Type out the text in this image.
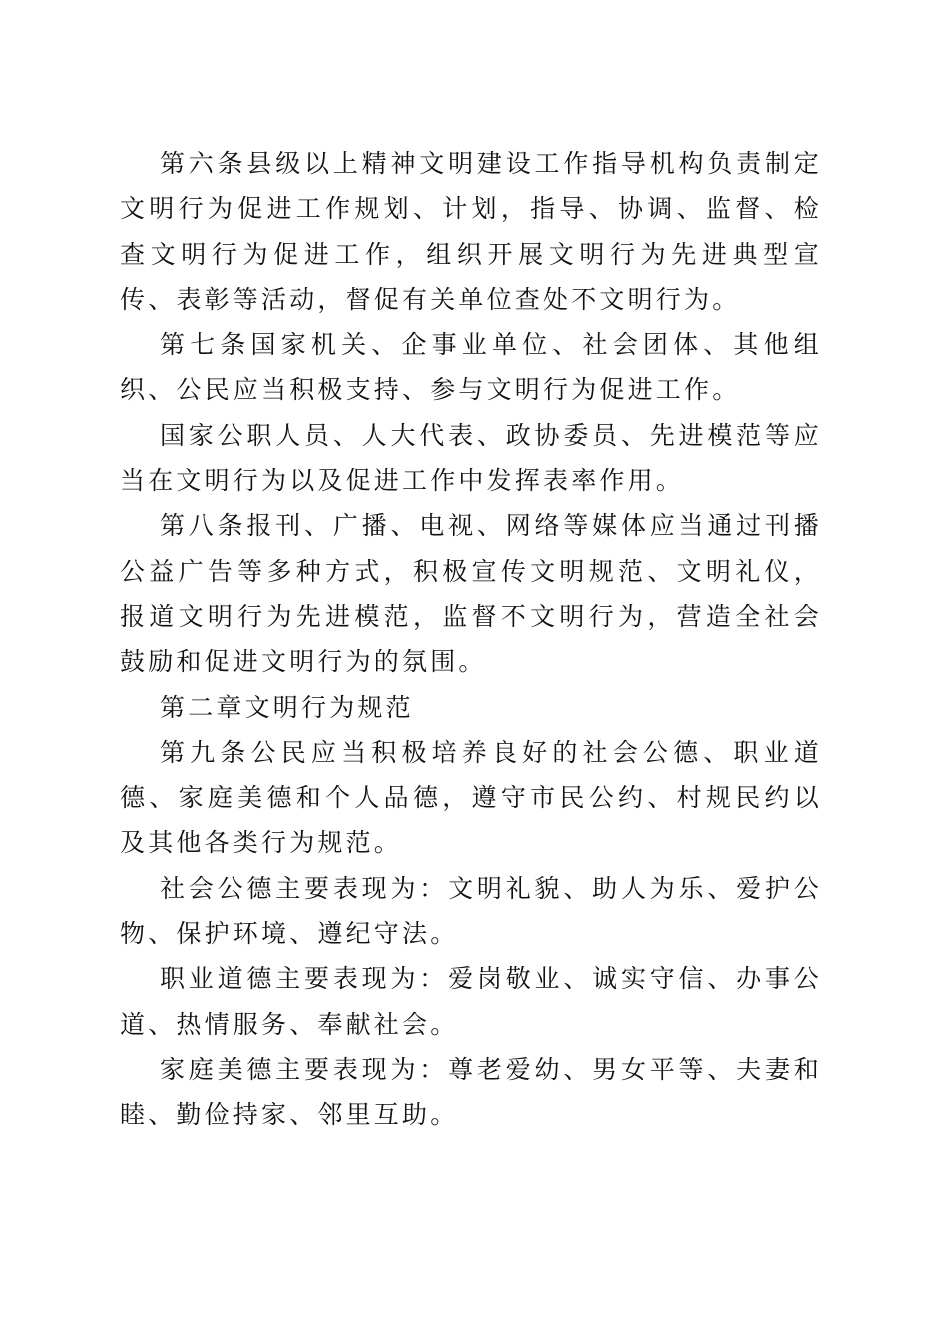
第六条县级以上精神文明建设工作指导机构负责制定文明行为促进工作规划、计划，指导、协调、监督、检查文明行为促进工作，组织开展文明行为先进典型宣传、表彰等活动，督促有关单位查处不文明行为。

第七条国家机关、企事业单位、社会团体、其他组织、公民应当积极支持、参与文明行为促进工作。

国家公职人员、人大代表、政协委员、先进模范等应当在文明行为以及促进工作中发挥表率作用。

第八条报刊、广播、电视、网络等媒体应当通过刊播公益广告等多种方式，积极宣传文明规范、文明礼仪，报道文明行为先进模范，监督不文明行为，营造全社会鼓励和促进文明行为的氛围。

第二章文明行为规范

第九条公民应当积极培养良好的社会公德、职业道德、家庭美德和个人品德，遵守市民公约、村规民约以及其他各类行为规范。

社会公德主要表现为：文明礼貌、助人为乐、爱护公物、保护环境、遵纪守法。

职业道德主要表现为：爱岗敬业、诚实守信、办事公道、热情服务、奉献社会。

家庭美德主要表现为：尊老爱幼、男女平等、夫妻和睦、勤俭持家、邻里互助。
